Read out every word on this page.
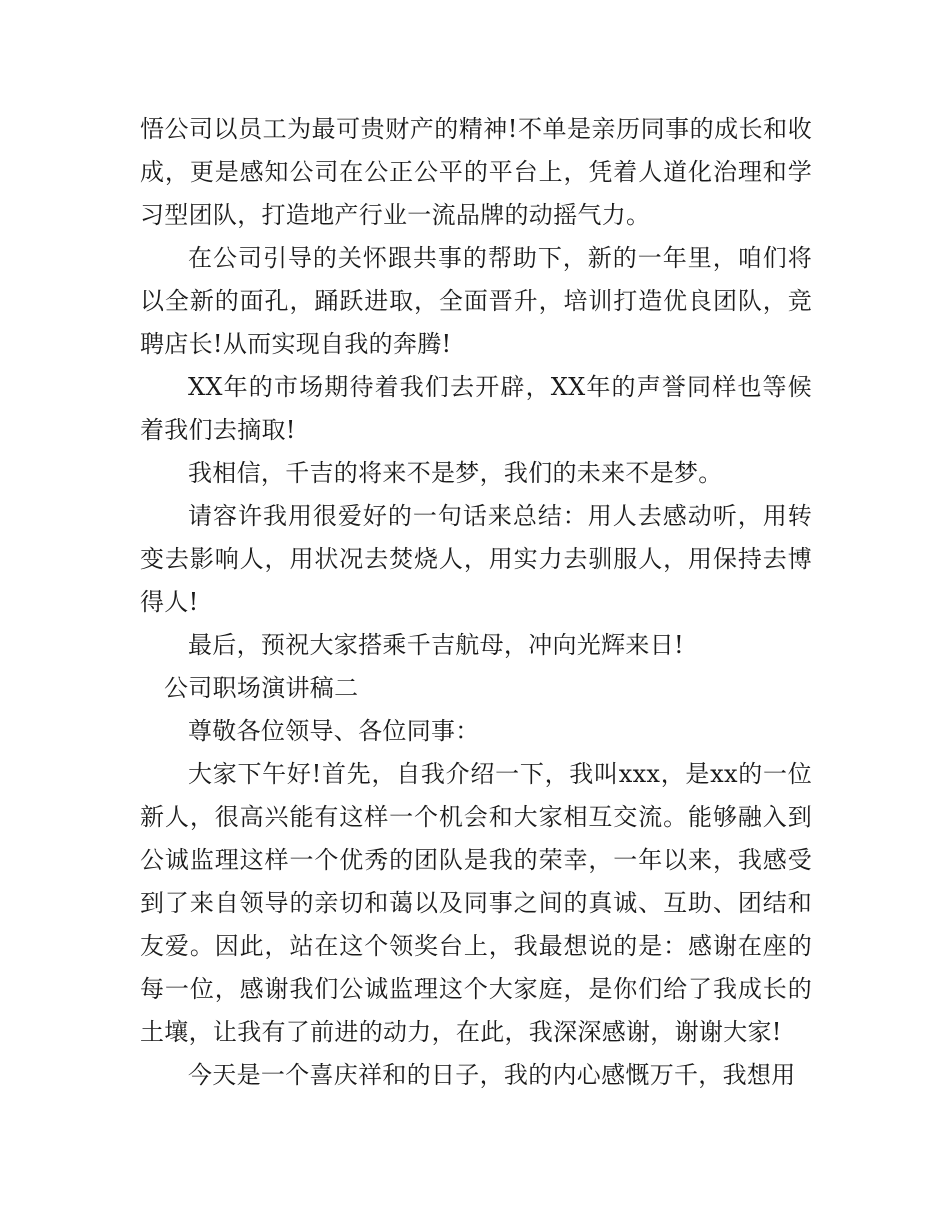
悟公司以员工为最可贵财产的精神!不单是亲历同事的成长和收成，更是感知公司在公正公平的平台上，凭着人道化治理和学习型团队，打造地产行业一流品牌的动摇气力。

在公司引导的关怀跟共事的帮助下，新的一年里，咱们将以全新的面孔，踊跃进取，全面晋升，培训打造优良团队，竞聘店长!从而实现自我的奔腾!

XX年的市场期待着我们去开辟，XX年的声誉同样也等候着我们去摘取!

我相信，千吉的将来不是梦，我们的未来不是梦。

请容许我用很爱好的一句话来总结：用人去感动听，用转变去影响人，用状况去焚烧人，用实力去驯服人，用保持去博得人!

最后，预祝大家搭乘千吉航母，冲向光辉来日!

公司职场演讲稿二

尊敬各位领导、各位同事：

大家下午好!首先，自我介绍一下，我叫xxx，是xx的一位新人，很高兴能有这样一个机会和大家相互交流。能够融入到公诚监理这样一个优秀的团队是我的荣幸，一年以来，我感受到了来自领导的亲切和蔼以及同事之间的真诚、互助、团结和友爱。因此，站在这个领奖台上，我最想说的是：感谢在座的每一位，感谢我们公诚监理这个大家庭，是你们给了我成长的土壤，让我有了前进的动力，在此，我深深感谢，谢谢大家!

今天是一个喜庆祥和的日子，我的内心感慨万千，我想用
